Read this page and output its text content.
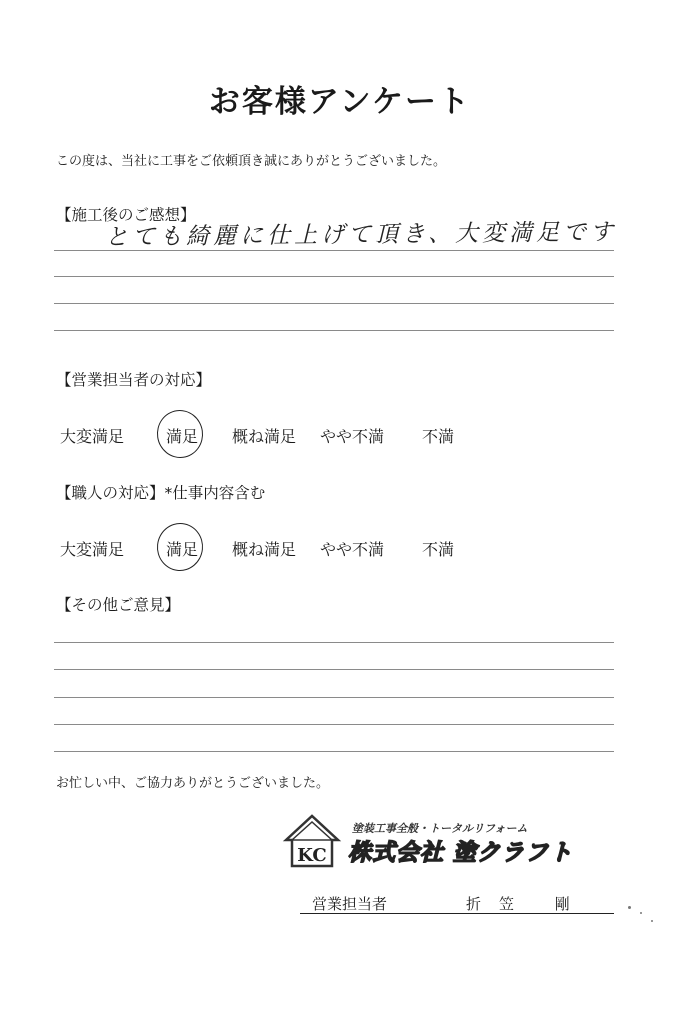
お客様アンケート
この度は、当社に工事をご依頼頂き誠にありがとうございました。
【施工後のご感想】
とても綺麗に仕上げて頂き、大変満足です
【営業担当者の対応】
大変満足	満足 概ね満足 やや不満 不満
【職人の対応】*仕事内容含む
大変満足	満足 概ね満足 やや不満 不満
【その他ご意見】
お忙しい中、ご協力ありがとうございました。
KC
塗装工事全般・トータルリフォーム
株式会社 塗クラフト
営業担当者	折笠 剛
